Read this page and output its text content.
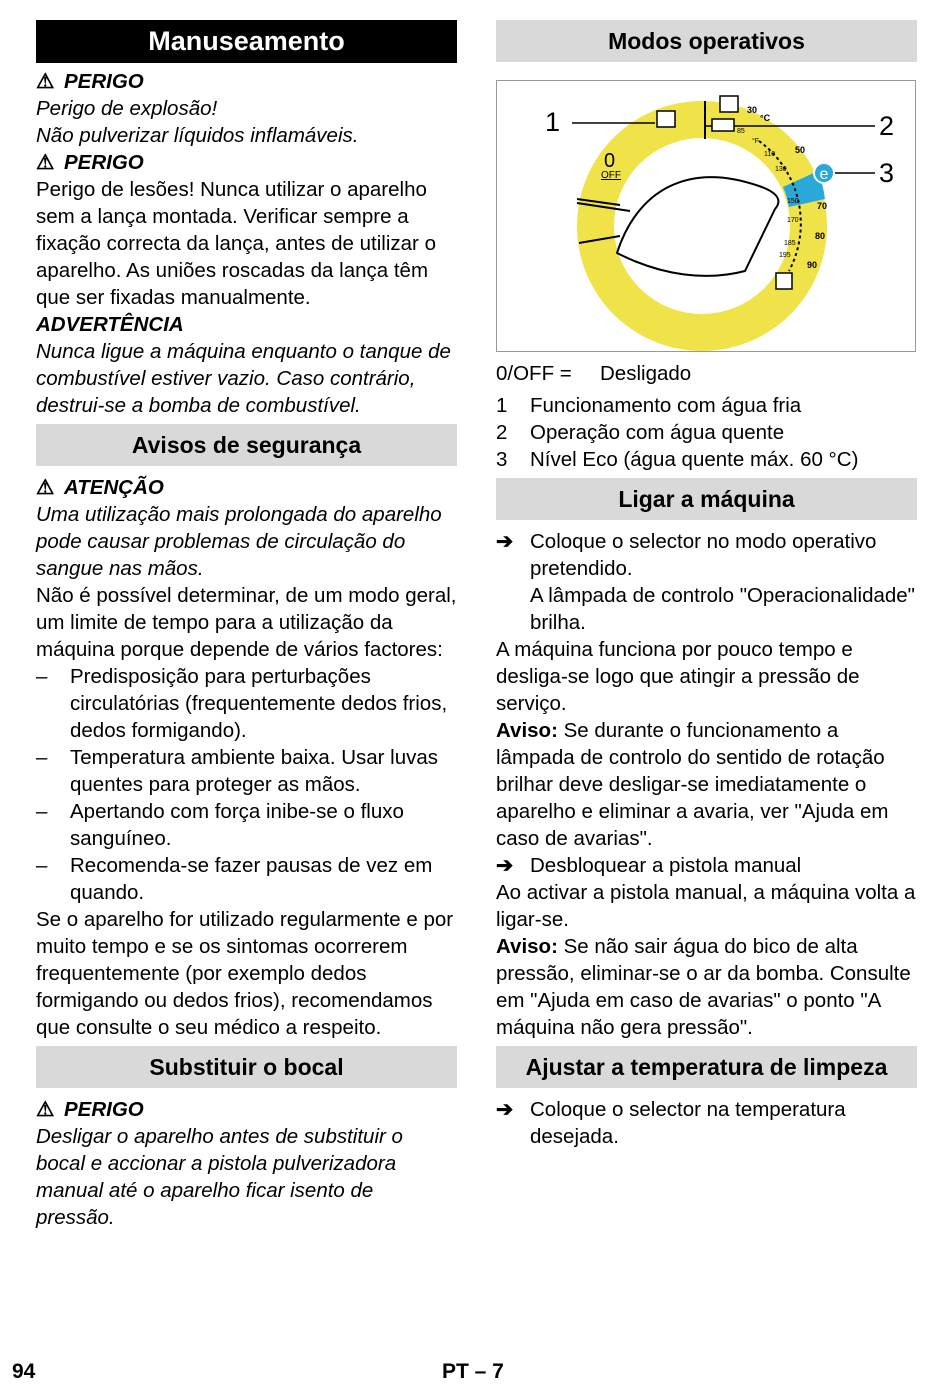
Manuseamento

⚠ PERIGO

Perigo de explosão!
Não pulverizar líquidos inflamáveis.

⚠ PERIGO

Perigo de lesões! Nunca utilizar o aparelho sem a lança montada. Verificar sempre a fixação correcta da lança, antes de utilizar o aparelho. As uniões roscadas da lança têm que ser fixadas manualmente.

ADVERTÊNCIA

Nunca ligue a máquina enquanto o tanque de combustível estiver vazio. Caso contrário, destrui-se a bomba de combustível.

Avisos de segurança

⚠ ATENÇÃO

Uma utilização mais prolongada do aparelho pode causar problemas de circulação do sangue nas mãos.

Não é possível determinar, de um modo geral, um limite de tempo para a utilização da máquina porque depende de vários factores:

–	Predisposição para perturbações circulatórias (frequentemente dedos frios, dedos formigando).
–	Temperatura ambiente baixa. Usar luvas quentes para proteger as mãos.
–	Apertando com força inibe-se o fluxo sanguíneo.
–	Recomenda-se fazer pausas de vez em quando.

Se o aparelho for utilizado regularmente e por muito tempo e se os sintomas ocorrerem frequentemente (por exemplo dedos formigando ou dedos frios), recomendamos que consulte o seu médico a respeito.

Substituir o bocal

⚠ PERIGO

Desligar o aparelho antes de substituir o bocal e accionar a pistola pulverizadora manual até o aparelho ficar isento de pressão.

Modos operativos
e
1	2
3
0
OFF
30
°C
50
70
80
90
85
°F
110
130
150
170
185
195
0/OFF =	Desligado
1	Funcionamento com água fria
2	Operação com água quente
3	Nível Eco (água quente máx. 60 °C)
Ligar a máquina
➔ Coloque o selector no modo operativo pretendido.

A lâmpada de controlo "Operacionalidade" brilha.

A máquina funciona por pouco tempo e desliga-se logo que atingir a pressão de serviço.

Aviso: Se durante o funcionamento a lâmpada de controlo do sentido de rotação brilhar deve desligar-se imediatamente o aparelho e eliminar a avaria, ver "Ajuda em caso de avarias".

➔ Desbloquear a pistola manual

Ao activar a pistola manual, a máquina volta a ligar-se.

Aviso: Se não sair água do bico de alta pressão, eliminar-se o ar da bomba. Consulte em "Ajuda em caso de avarias" o ponto "A máquina não gera pressão".

Ajustar a temperatura de limpeza
➔ Coloque o selector na temperatura desejada.
94	PT – 7
